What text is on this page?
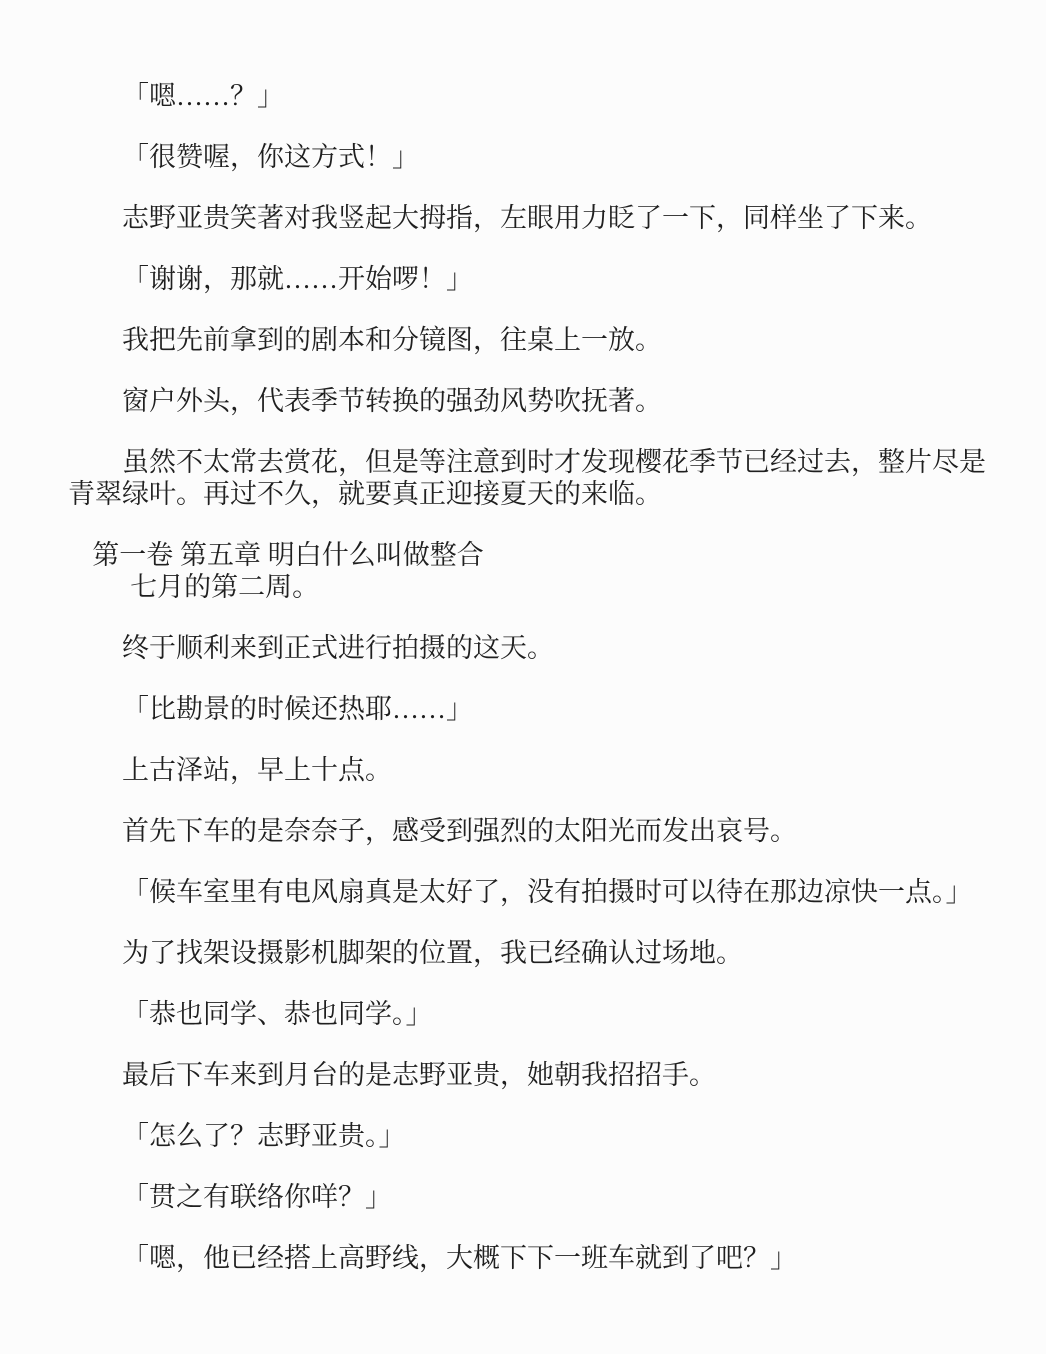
「嗯……？」

「很赞喔，你这方式！」

志野亚贵笑著对我竖起大拇指，左眼用力眨了一下，同样坐了下来。

「谢谢，那就……开始啰！」

我把先前拿到的剧本和分镜图，往桌上一放。

窗户外头，代表季节转换的强劲风势吹抚著。

虽然不太常去赏花，但是等注意到时才发现樱花季节已经过去，整片尽是青翠绿叶。再过不久，就要真正迎接夏天的来临。

第一卷 第五章 明白什么叫做整合

七月的第二周。

终于顺利来到正式进行拍摄的这天。

「比勘景的时候还热耶……」

上古泽站，早上十点。

首先下车的是奈奈子，感受到强烈的太阳光而发出哀号。

「候车室里有电风扇真是太好了，没有拍摄时可以待在那边凉快一点。」

为了找架设摄影机脚架的位置，我已经确认过场地。

「恭也同学、恭也同学。」

最后下车来到月台的是志野亚贵，她朝我招招手。

「怎么了？志野亚贵。」

「贯之有联络你咩？」

「嗯，他已经搭上高野线，大概下下一班车就到了吧？」
